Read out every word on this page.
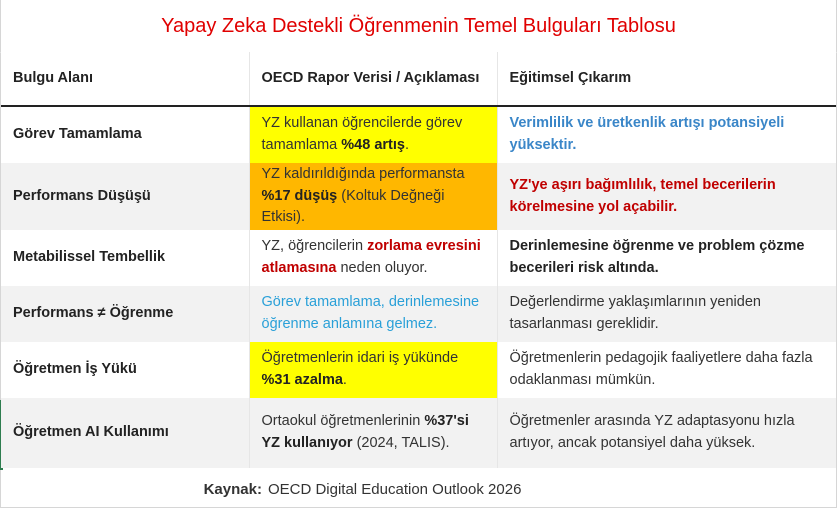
Yapay Zeka Destekli Öğrenmenin Temel Bulguları Tablosu
Bulgu Alanı	OECD Rapor Verisi / Açıklaması	Eğitimsel Çıkarım
Görev Tamamlama	YZ kullanan öğrencilerde görev tamamlama %48 artış.	Verimlilik ve üretkenlik artışı potansiyeli yüksektir.
Performans Düşüşü	YZ kaldırıldığında performansta %17 düşüş (Koltuk Değneği Etkisi).	YZ'ye aşırı bağımlılık, temel becerilerin körelmesine yol açabilir.
Metabilissel Tembellik	YZ, öğrencilerin zorlama evresini atlamasına neden oluyor.	Derinlemesine öğrenme ve problem çözme becerileri risk altında.
Performans ≠ Öğrenme	Görev tamamlama, derinlemesine öğrenme anlamına gelmez.	Değerlendirme yaklaşımlarının yeniden tasarlanması gereklidir.
Öğretmen İş Yükü	Öğretmenlerin idari iş yükünde %31 azalma.	Öğretmenlerin pedagojik faaliyetlere daha fazla odaklanması mümkün.
Öğretmen AI Kullanımı	Ortaokul öğretmenlerinin %37'si YZ kullanıyor (2024, TALIS).	Öğretmenler arasında YZ adaptasyonu hızla artıyor, ancak potansiyel daha yüksek.
Kaynak: OECD Digital Education Outlook 2026
